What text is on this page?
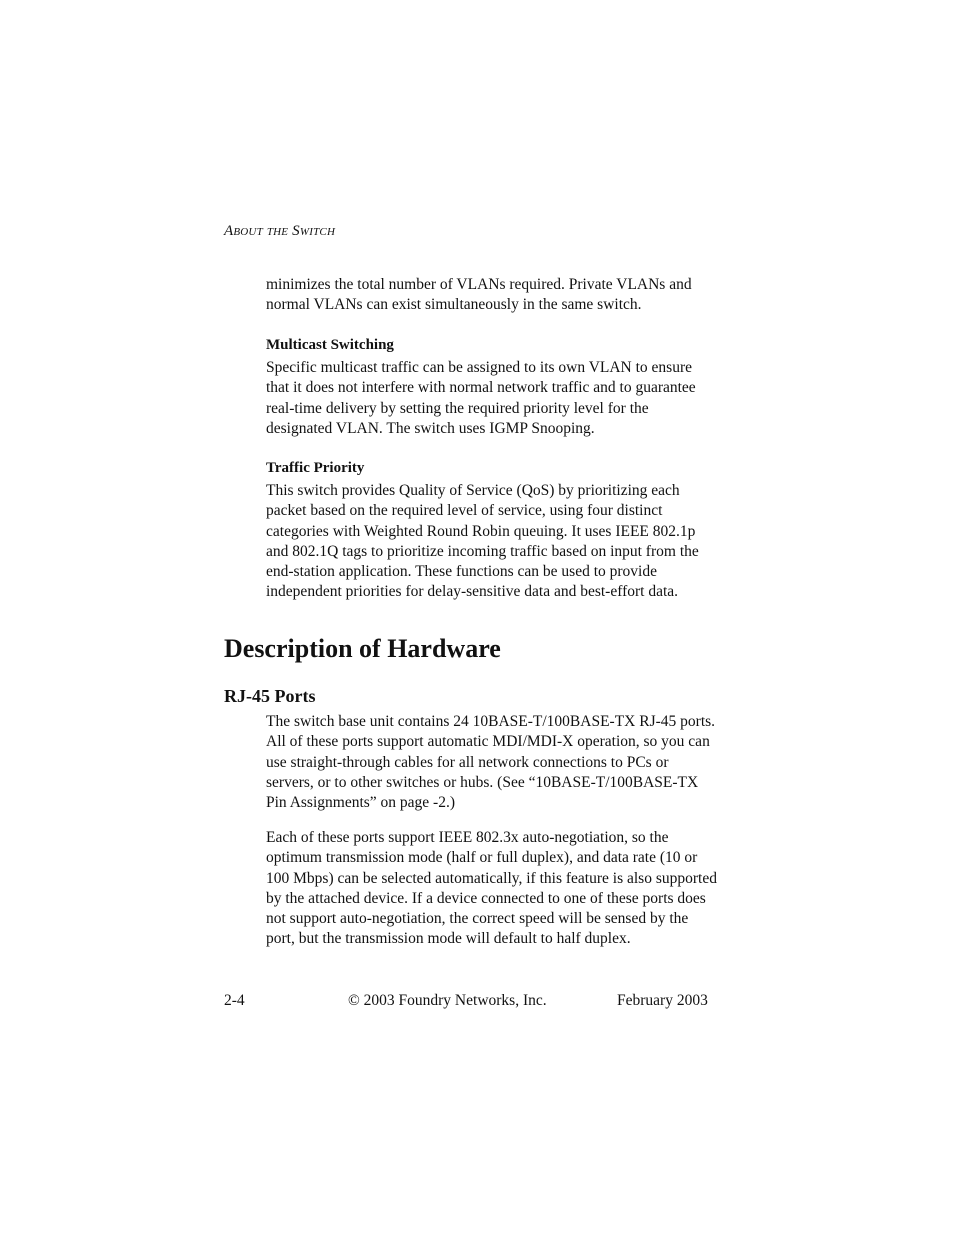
About the Switch

minimizes the total number of VLANs required. Private VLANs and normal VLANs can exist simultaneously in the same switch.

Multicast Switching

Specific multicast traffic can be assigned to its own VLAN to ensure that it does not interfere with normal network traffic and to guarantee real-time delivery by setting the required priority level for the designated VLAN. The switch uses IGMP Snooping.

Traffic Priority

This switch provides Quality of Service (QoS) by prioritizing each packet based on the required level of service, using four distinct categories with Weighted Round Robin queuing. It uses IEEE 802.1p and 802.1Q tags to prioritize incoming traffic based on input from the end-station application. These functions can be used to provide independent priorities for delay-sensitive data and best-effort data.

Description of Hardware
RJ-45 Ports

The switch base unit contains 24 10BASE-T/100BASE-TX RJ-45 ports. All of these ports support automatic MDI/MDI-X operation, so you can use straight-through cables for all network connections to PCs or servers, or to other switches or hubs. (See “10BASE-T/100BASE-TX Pin Assignments” on page -2.)

Each of these ports support IEEE 802.3x auto-negotiation, so the optimum transmission mode (half or full duplex), and data rate (10 or 100 Mbps) can be selected automatically, if this feature is also supported by the attached device. If a device connected to one of these ports does not support auto-negotiation, the correct speed will be sensed by the port, but the transmission mode will default to half duplex.

2-4	© 2003 Foundry Networks, Inc.	February 2003
